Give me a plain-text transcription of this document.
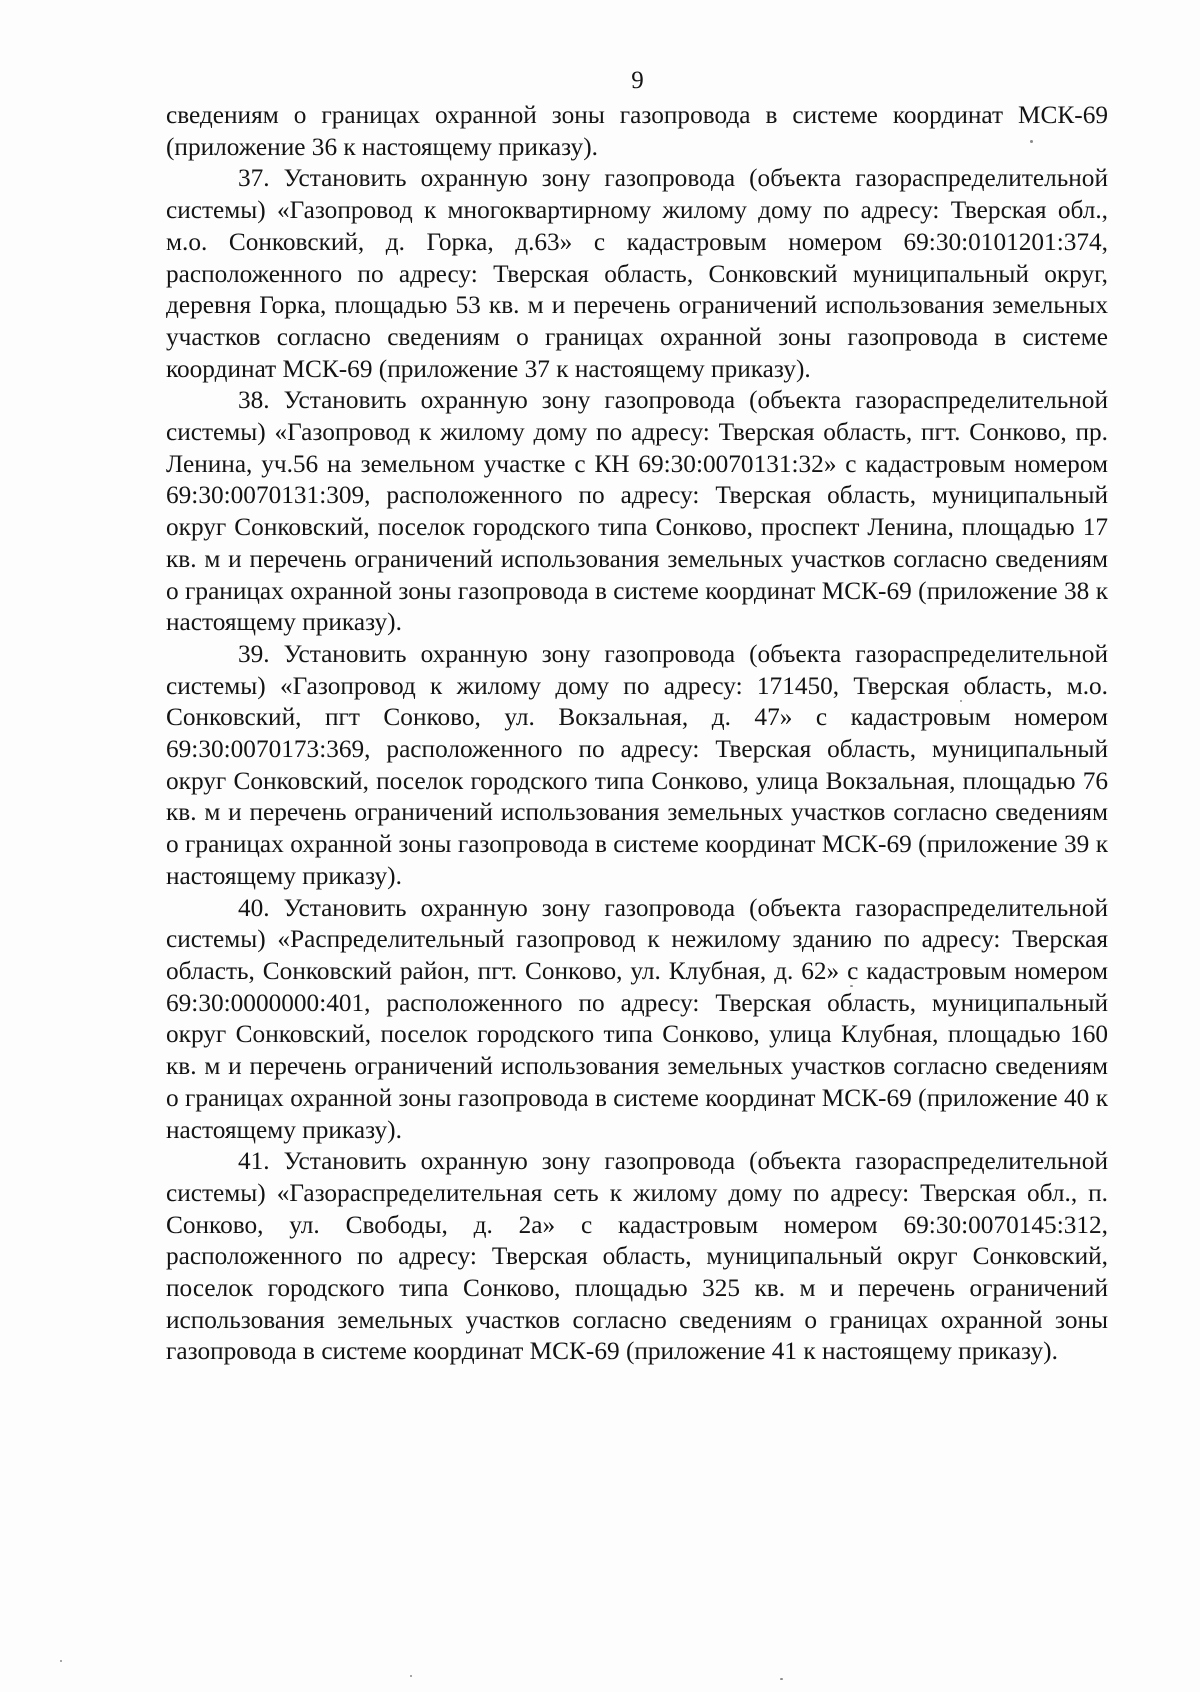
9

сведениям о границах охранной зоны газопровода в системе координат МСК-69 (приложение 36 к настоящему приказу).

37. Установить охранную зону газопровода (объекта газораспределительной системы) «Газопровод к многоквартирному жилому дому по адресу: Тверская обл., м.о. Сонковский, д. Горка, д.63» с кадастровым номером 69:30:0101201:374, расположенного по адресу: Тверская область, Сонковский муниципальный округ, деревня Горка, площадью 53 кв. м и перечень ограничений использования земельных участков согласно сведениям о границах охранной зоны газопровода в системе координат МСК-69 (приложение 37 к настоящему приказу).

38. Установить охранную зону газопровода (объекта газораспределительной системы) «Газопровод к жилому дому по адресу: Тверская область, пгт. Сонково, пр. Ленина, уч.56 на земельном участке с КН 69:30:0070131:32» с кадастровым номером 69:30:0070131:309, расположенного по адресу: Тверская область, муниципальный округ Сонковский, поселок городского типа Сонково, проспект Ленина, площадью 17 кв. м и перечень ограничений использования земельных участков согласно сведениям о границах охранной зоны газопровода в системе координат МСК-69 (приложение 38 к настоящему приказу).

39. Установить охранную зону газопровода (объекта газораспределительной системы) «Газопровод к жилому дому по адресу: 171450, Тверская область, м.о. Сонковский, пгт Сонково, ул. Вокзальная, д. 47» с кадастровым номером 69:30:0070173:369, расположенного по адресу: Тверская область, муниципальный округ Сонковский, поселок городского типа Сонково, улица Вокзальная, площадью 76 кв. м и перечень ограничений использования земельных участков согласно сведениям о границах охранной зоны газопровода в системе координат МСК-69 (приложение 39 к настоящему приказу).

40. Установить охранную зону газопровода (объекта газораспределительной системы) «Распределительный газопровод к нежилому зданию по адресу: Тверская область, Сонковский район, пгт. Сонково, ул. Клубная, д. 62» с кадастровым номером 69:30:0000000:401, расположенного по адресу: Тверская область, муниципальный округ Сонковский, поселок городского типа Сонково, улица Клубная, площадью 160 кв. м и перечень ограничений использования земельных участков согласно сведениям о границах охранной зоны газопровода в системе координат МСК-69 (приложение 40 к настоящему приказу).

41. Установить охранную зону газопровода (объекта газораспределительной системы) «Газораспределительная сеть к жилому дому по адресу: Тверская обл., п. Сонково, ул. Свободы, д. 2а» с кадастровым номером 69:30:0070145:312, расположенного по адресу: Тверская область, муниципальный округ Сонковский, поселок городского типа Сонково, площадью 325 кв. м и перечень ограничений использования земельных участков согласно сведениям о границах охранной зоны газопровода в системе координат МСК-69 (приложение 41 к настоящему приказу).
